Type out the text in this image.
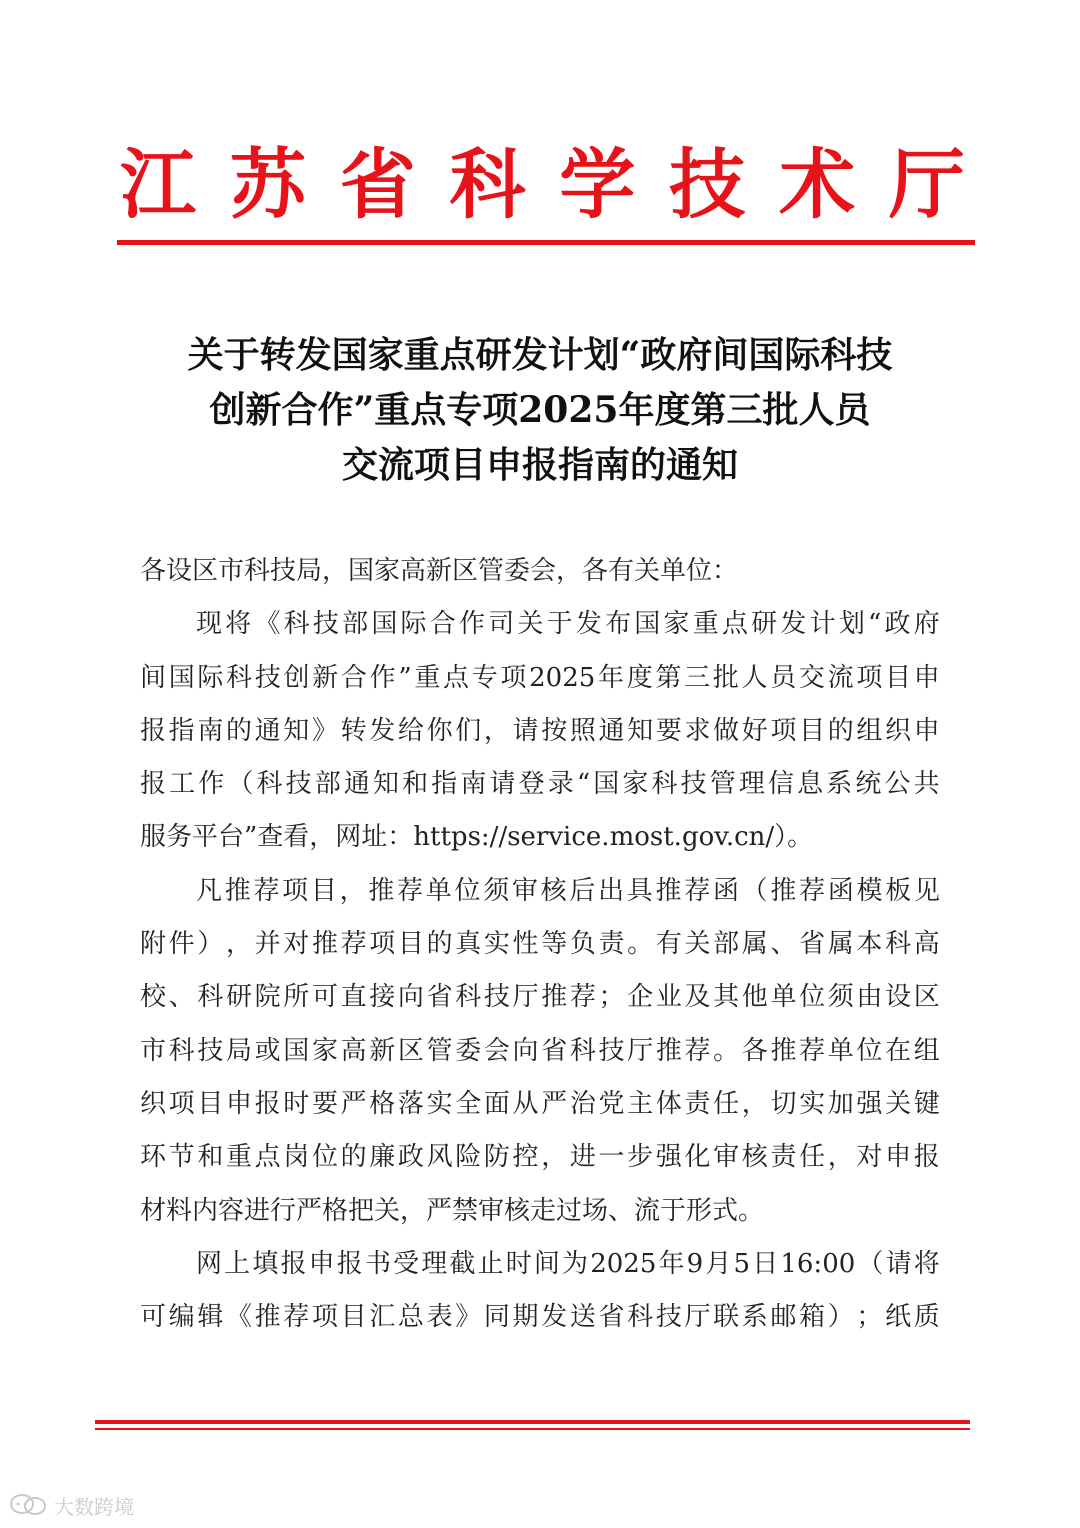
江 苏 省 科 学 技 术 厅
关于转发国家重点研发计划“政府间国际科技
创新合作”重点专项2025年度第三批人员
交流项目申报指南的通知
各设区市科技局，国家高新区管委会，各有关单位：
现 将 《 科 技 部 国 际 合 作 司 关 于 发 布 国 家 重 点 研 发 计 划 “ 政 府
间 国 际 科 技 创 新 合 作 ” 重 点 专 项 2025 年 度 第 三 批 人 员 交 流 项 目 申
报 指 南 的 通 知 》 转 发 给 你 们 ， 请 按 照 通 知 要 求 做 好 项 目 的 组 织 申
报 工 作 （ 科 技 部 通 知 和 指 南 请 登 录 “ 国 家 科 技 管 理 信 息 系 统 公 共
服务平台”查看，网址：https://service.most.gov.cn/）。
凡 推 荐 项 目 ， 推 荐 单 位 须 审 核 后 出 具 推 荐 函 （ 推 荐 函 模 板 见
附 件 ） ， 并 对 推 荐 项 目 的 真 实 性 等 负 责 。 有 关 部 属 、 省 属 本 科 高
校 、 科 研 院 所 可 直 接 向 省 科 技 厅 推 荐 ； 企 业 及 其 他 单 位 须 由 设 区
市 科 技 局 或 国 家 高 新 区 管 委 会 向 省 科 技 厅 推 荐 。 各 推 荐 单 位 在 组
织 项 目 申 报 时 要 严 格 落 实 全 面 从 严 治 党 主 体 责 任 ， 切 实 加 强 关 键
环 节 和 重 点 岗 位 的 廉 政 风 险 防 控 ， 进 一 步 强 化 审 核 责 任 ， 对 申 报
材料内容进行严格把关，严禁审核走过场、流于形式。
网 上 填 报 申 报 书 受 理 截 止 时 间 为 2025 年 9 月 5 日 16:00 （ 请 将
可 编 辑 《 推 荐 项 目 汇 总 表 》 同 期 发 送 省 科 技 厅 联 系 邮 箱 ） ； 纸 质
大数跨境
